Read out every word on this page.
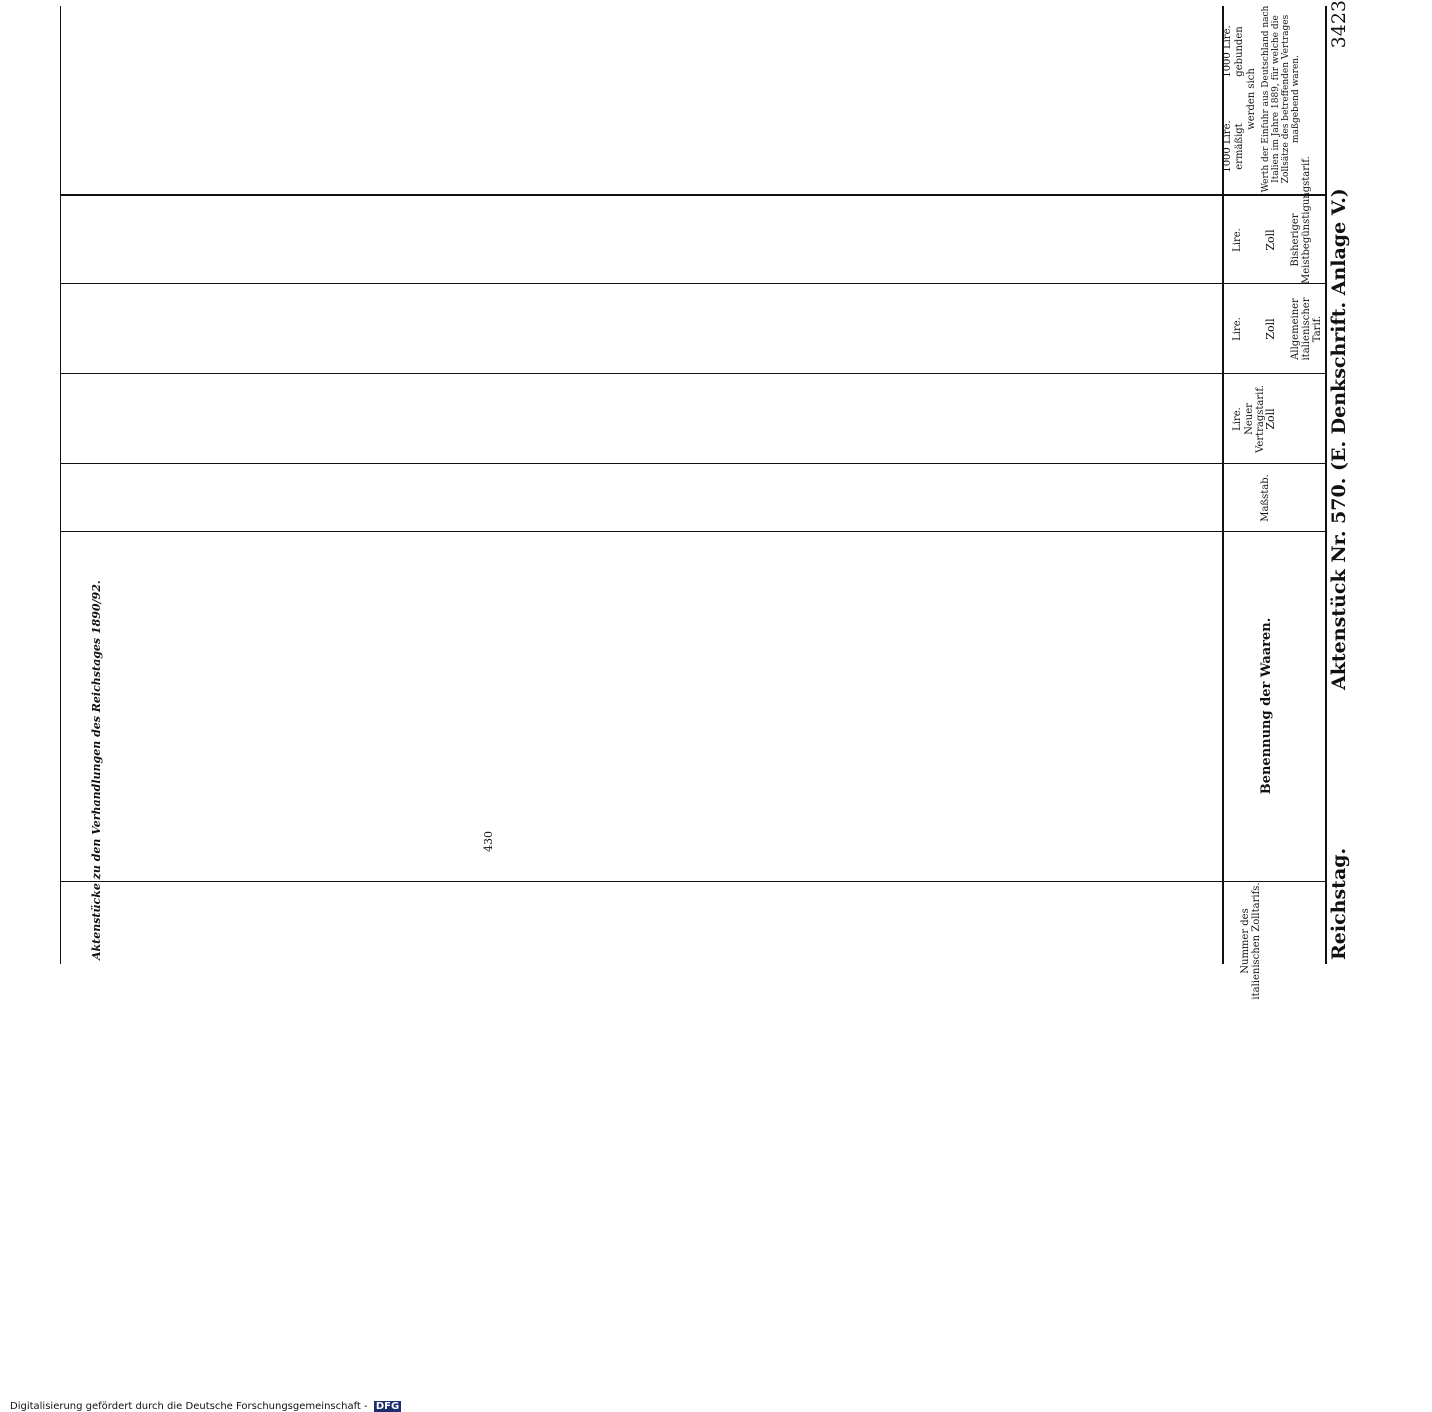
Reichstag.
Aktenstück Nr. 570. (E. Denkschrift. Anlage V.)
3423
Nummer des italienischen Zolltarifs.
Benennung der Waaren.
Maßstab.
Neuer Vertragstarif.
Zoll
Lire.
Allgemeiner italienischer Tarif.
Zoll
Lire.
Bisheriger Meistbegünstigungstarif.
Zoll
Lire.
Werth der Einfuhr aus Deutschland nach Italien im Jahre 1889, für welche die Zollsätze des betreffenden Vertrages maßgebend waren.
werden sich
ermäßigt
gebunden
1000 Lire.
1000 Lire.
Aktenstücke zu den Verhandlungen des Reichstages 1890/92.	430
Digitalisierung gefördert durch die Deutsche Forschungsgemeinschaft - DFG
